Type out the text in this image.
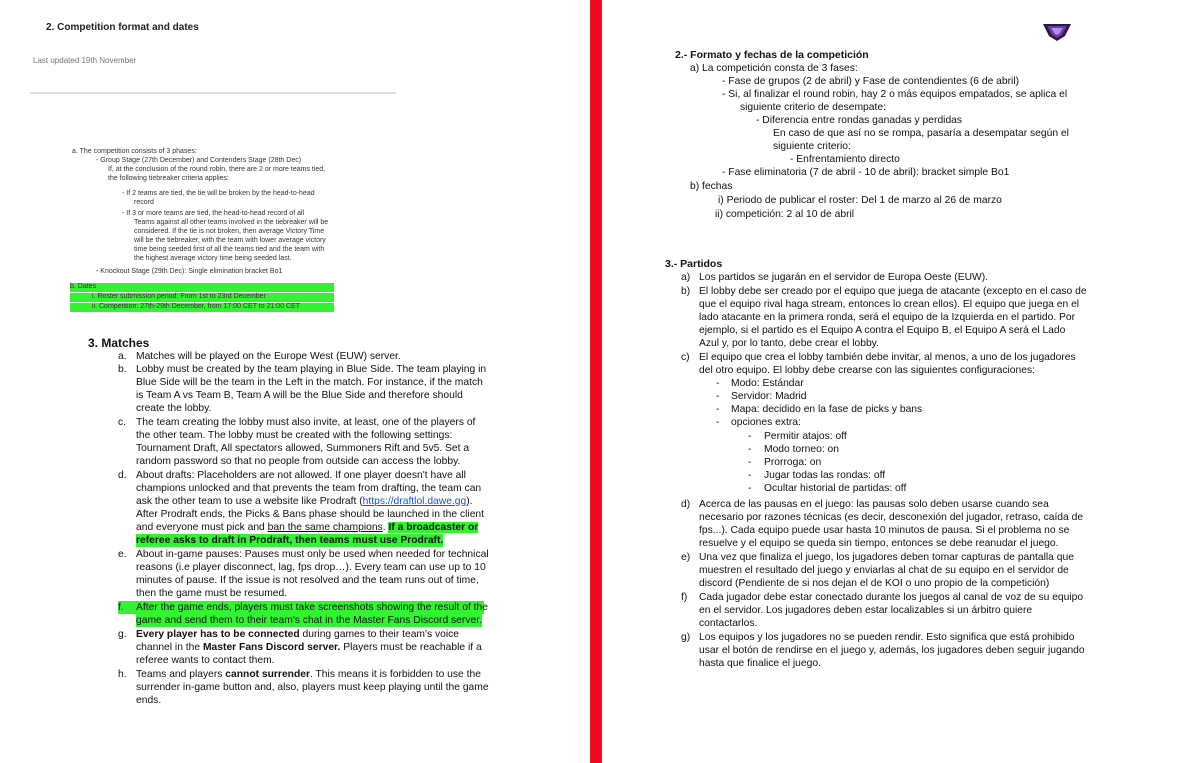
2. Competition format and dates
Last updated 19th November
a. The competition consists of 3 phases:
- Group Stage (27th December) and Contenders Stage (28th Dec)
If, at the conclusion of the round robin, there are 2 or more teams tied,
the following tiebreaker criteria applies:
- If 2 teams are tied, the tie will be broken by the head-to-head
record
- If 3 or more teams are tied, the head-to-head record of all
Teams against all other teams involved in the tiebreaker will be
considered. If the tie is not broken, then average Victory Time
will be the tiebreaker, with the team with lower average victory
time being seeded first of all the teams tied and the team with
the highest average victory time being seeded last.
- Knockout Stage (29th Dec): Single elimination bracket Bo1
b. Dates
i. Roster submission period: From 1st to 23rd December
ii. Competition: 27th-29th December, from 17:00 CET to 21:00 CET
3. Matches
a. Matches will be played on the Europe West (EUW) server.
b. Lobby must be created by the team playing in Blue Side. The team playing in
Blue Side will be the team in the Left in the match. For instance, if the match
is Team A vs Team B, Team A will be the Blue Side and therefore should
create the lobby.
c. The team creating the lobby must also invite, at least, one of the players of
the other team. The lobby must be created with the following settings:
Tournament Draft, All spectators allowed, Summoners Rift and 5v5. Set a
random password so that no people from outside can access the lobby.
d. About drafts: Placeholders are not allowed. If one player doesn't have all
champions unlocked and that prevents the team from drafting, the team can
ask the other team to use a website like Prodraft (https://draftlol.dawe.gg).
After Prodraft ends, the Picks & Bans phase should be launched in the client
and everyone must pick and ban the same champions. If a broadcaster or
referee asks to draft in Prodraft, then teams must use Prodraft.
e. About in-game pauses: Pauses must only be used when needed for technical
reasons (i.e player disconnect, lag, fps drop…). Every team can use up to 10
minutes of pause. If the issue is not resolved and the team runs out of time,
then the game must be resumed.
f.	After the game ends, players must take screenshots showing the result of the
game and send them to their team's chat in the Master Fans Discord server.
g. Every player has to be connected during games to their team's voice
channel in the Master Fans Discord server. Players must be reachable if a
referee wants to contact them.
h. Teams and players cannot surrender. This means it is forbidden to use the
surrender in-game button and, also, players must keep playing until the game
ends.
2.- Formato y fechas de la competición
a) La competición consta de 3 fases:
- Fase de grupos (2 de abril) y Fase de contendientes (6 de abril)
- Si, al finalizar el round robin, hay 2 o más equipos empatados, se aplica el
siguiente criterio de desempate:
- Diferencia entre rondas ganadas y perdidas
En caso de que así no se rompa, pasaría a desempatar según el
siguiente criterio:
- Enfrentamiento directo
- Fase eliminatoria (7 de abril - 10 de abril): bracket simple Bo1
b) fechas
i) Periodo de publicar el roster: Del 1 de marzo al 26 de marzo
ii) competición: 2 al 10 de abril
3.- Partidos
a) Los partidos se jugarán en el servidor de Europa Oeste (EUW).
b) El lobby debe ser creado por el equipo que juega de atacante (excepto en el caso de
que el equipo rival haga stream, entonces lo crean ellos). El equipo que juega en el
lado atacante en la primera ronda, será el equipo de la Izquierda en el partido. Por
ejemplo, si el partido es el Equipo A contra el Equipo B, el Equipo A será el Lado
Azul y, por lo tanto, debe crear el lobby.
c) El equipo que crea el lobby también debe invitar, al menos, a uno de los jugadores
del otro equipo. El lobby debe crearse con las siguientes configuraciones:
- Modo: Estándar
- Servidor: Madrid
- Mapa: decidido en la fase de picks y bans
- opciones extra:
- Permitir atajos: off
- Modo torneo: on
- Prorroga: on
- Jugar todas las rondas: off
- Ocultar historial de partidas: off
d) Acerca de las pausas en el juego: las pausas solo deben usarse cuando sea
necesario por razones técnicas (es decir, desconexión del jugador, retraso, caída de
fps...). Cada equipo puede usar hasta 10 minutos de pausa. Si el problema no se
resuelve y el equipo se queda sin tiempo, entonces se debe reanudar el juego.
e) Una vez que finaliza el juego, los jugadores deben tomar capturas de pantalla que
muestren el resultado del juego y enviarlas al chat de su equipo en el servidor de
discord (Pendiente de si nos dejan el de KOI o uno propio de la competición)
f) Cada jugador debe estar conectado durante los juegos al canal de voz de su equipo
en el servidor. Los jugadores deben estar localizables si un árbitro quiere
contactarlos.
g) Los equipos y los jugadores no se pueden rendir. Esto significa que está prohibido
usar el botón de rendirse en el juego y, además, los jugadores deben seguir jugando
hasta que finalice el juego.
